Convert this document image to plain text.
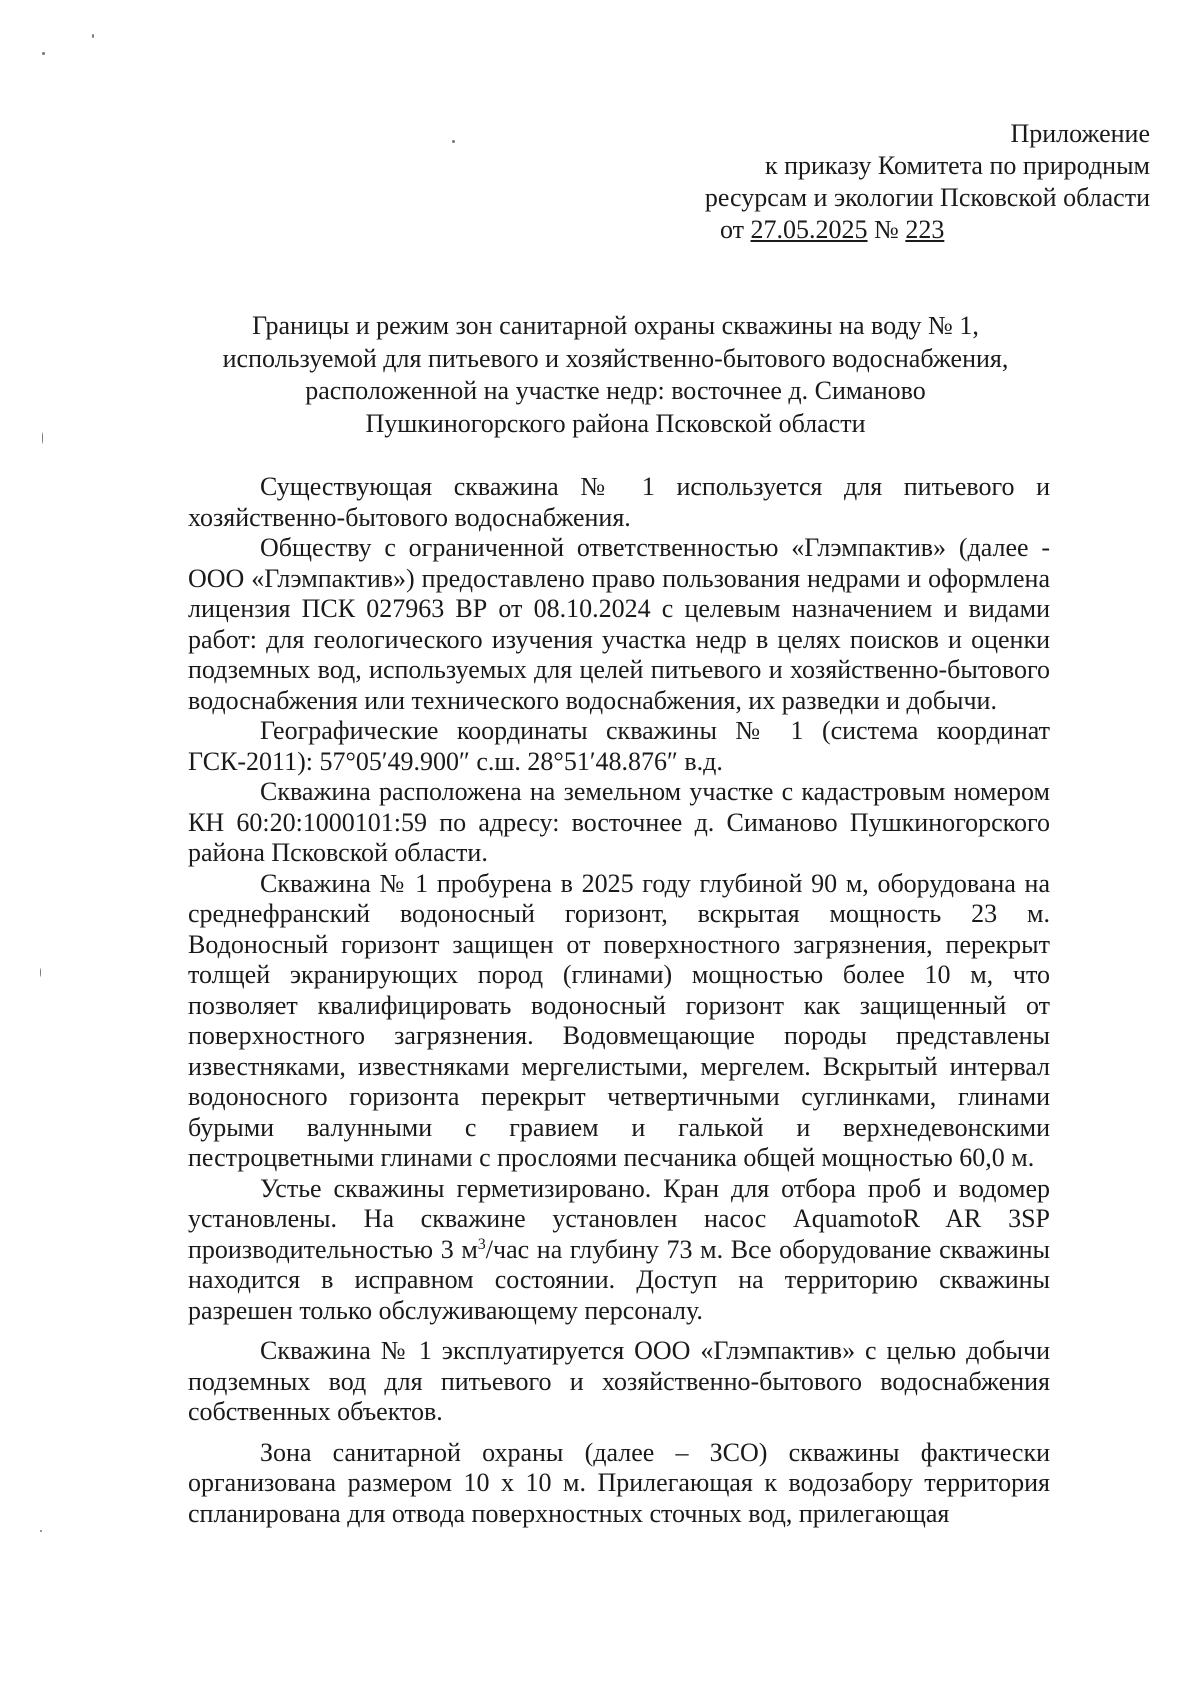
Приложение
к приказу Комитета по природным
ресурсам и экологии Псковской области
от 27.05.2025 № 223
Границы и режим зон санитарной охраны скважины на воду № 1,
используемой для питьевого и хозяйственно-бытового водоснабжения,
расположенной на участке недр: восточнее д. Симаново
Пушкиногорского района Псковской области

Существующая скважина № 1 используется для питьевого и хозяйственно-бытового водоснабжения.

Обществу с ограниченной ответственностью «Глэмпактив» (далее - ООО «Глэмпактив») предоставлено право пользования недрами и оформлена лицензия ПСК 027963 ВР от 08.10.2024 с целевым назначением и видами работ: для геологического изучения участка недр в целях поисков и оценки подземных вод, используемых для целей питьевого и хозяйственно-бытового водоснабжения или технического водоснабжения, их разведки и добычи.

Географические координаты скважины № 1 (система координат ГСК-2011): 57°05′49.900″ с.ш. 28°51′48.876″ в.д.

Скважина расположена на земельном участке с кадастровым номером КН 60:20:1000101:59 по адресу: восточнее д. Симаново Пушкиногорского района Псковской области.

Скважина № 1 пробурена в 2025 году глубиной 90 м, оборудована на среднефранский водоносный горизонт, вскрытая мощность 23 м. Водоносный горизонт защищен от поверхностного загрязнения, перекрыт толщей экранирующих пород (глинами) мощностью более 10 м, что позволяет квалифицировать водоносный горизонт как защищенный от поверхностного загрязнения. Водовмещающие породы представлены известняками, известняками мергелистыми, мергелем. Вскрытый интервал водоносного горизонта перекрыт четвертичными суглинками, глинами бурыми валунными с гравием и галькой и верхнедевонскими пестроцветными глинами с прослоями песчаника общей мощностью 60,0 м.

Устье скважины герметизировано. Кран для отбора проб и водомер установлены. На скважине установлен насос AquamotoR AR 3SP производительностью 3 $м^3$/час на глубину 73 м. Все оборудование скважины находится в исправном состоянии. Доступ на территорию скважины разрешен только обслуживающему персоналу.

Скважина № 1 эксплуатируется ООО «Глэмпактив» с целью добычи подземных вод для питьевого и хозяйственно-бытового водоснабжения собственных объектов.

Зона санитарной охраны (далее – ЗСО) скважины фактически организована размером 10 х 10 м. Прилегающая к водозабору территория спланирована для отвода поверхностных сточных вод, прилегающая
